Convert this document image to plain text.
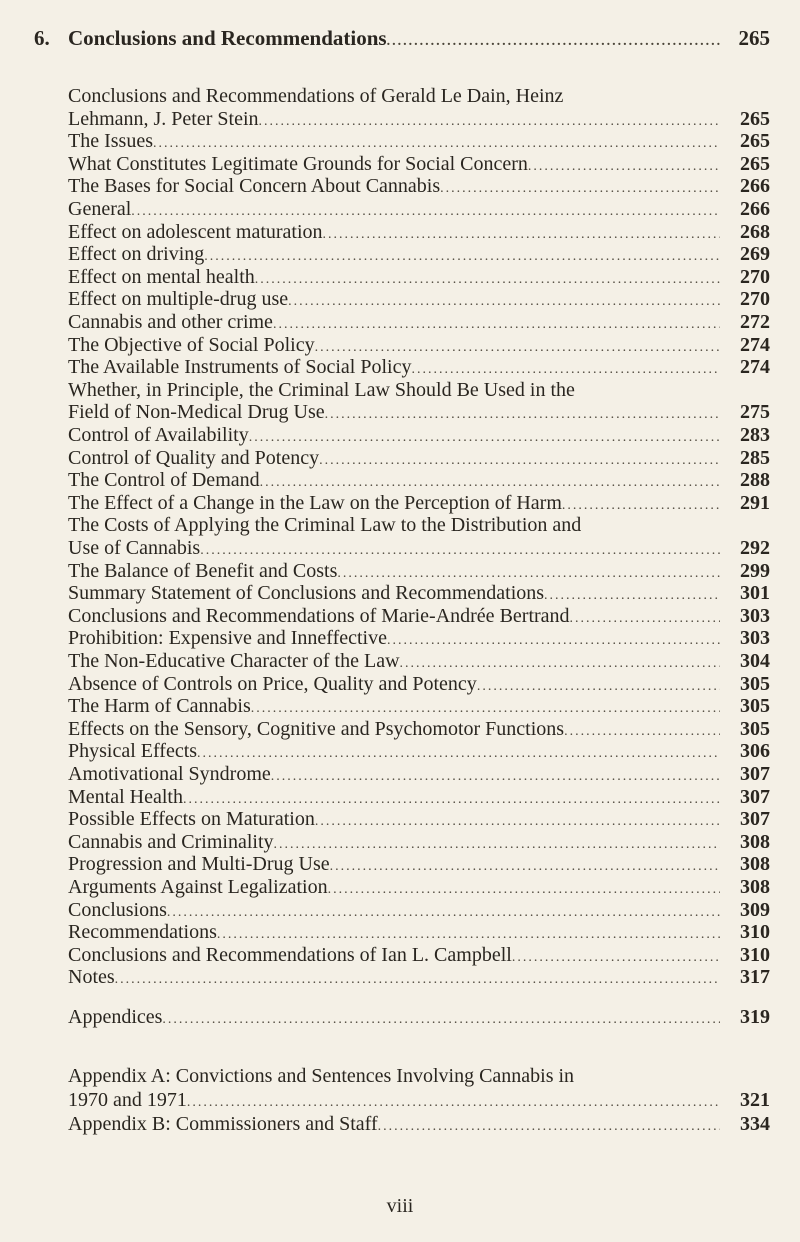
6. Conclusions and Recommendations .....	265
Conclusions and Recommendations of Gerald Le Dain, Heinz
Lehmann, J. Peter Stein .....	265
The Issues .....	265
What Constitutes Legitimate Grounds for Social Concern .....	265
The Bases for Social Concern About Cannabis .....	266
General .....	266
Effect on adolescent maturation .....	268
Effect on driving .....	269
Effect on mental health .....	270
Effect on multiple-drug use .....	270
Cannabis and other crime .....	272
The Objective of Social Policy .....	274
The Available Instruments of Social Policy .....	274
Whether, in Principle, the Criminal Law Should Be Used in the
Field of Non-Medical Drug Use .....	275
Control of Availability .....	283
Control of Quality and Potency .....	285
The Control of Demand .....	288
The Effect of a Change in the Law on the Perception of Harm .....	291
The Costs of Applying the Criminal Law to the Distribution and
Use of Cannabis .....	292
The Balance of Benefit and Costs .....	299
Summary Statement of Conclusions and Recommendations .....	301
Conclusions and Recommendations of Marie-Andrée Bertrand .....	303
Prohibition: Expensive and Inneffective .....	303
The Non-Educative Character of the Law .....	304
Absence of Controls on Price, Quality and Potency .....	305
The Harm of Cannabis .....	305
Effects on the Sensory, Cognitive and Psychomotor Functions .....	305
Physical Effects .....	306
Amotivational Syndrome .....	307
Mental Health .....	307
Possible Effects on Maturation .....	307
Cannabis and Criminality .....	308
Progression and Multi-Drug Use .....	308
Arguments Against Legalization .....	308
Conclusions .....	309
Recommendations .....	310
Conclusions and Recommendations of Ian L. Campbell .....	310
Notes .....	317
Appendices .....	319
Appendix A: Convictions and Sentences Involving Cannabis in
1970 and 1971 .....	321
Appendix B: Commissioners and Staff .....	334
viii
